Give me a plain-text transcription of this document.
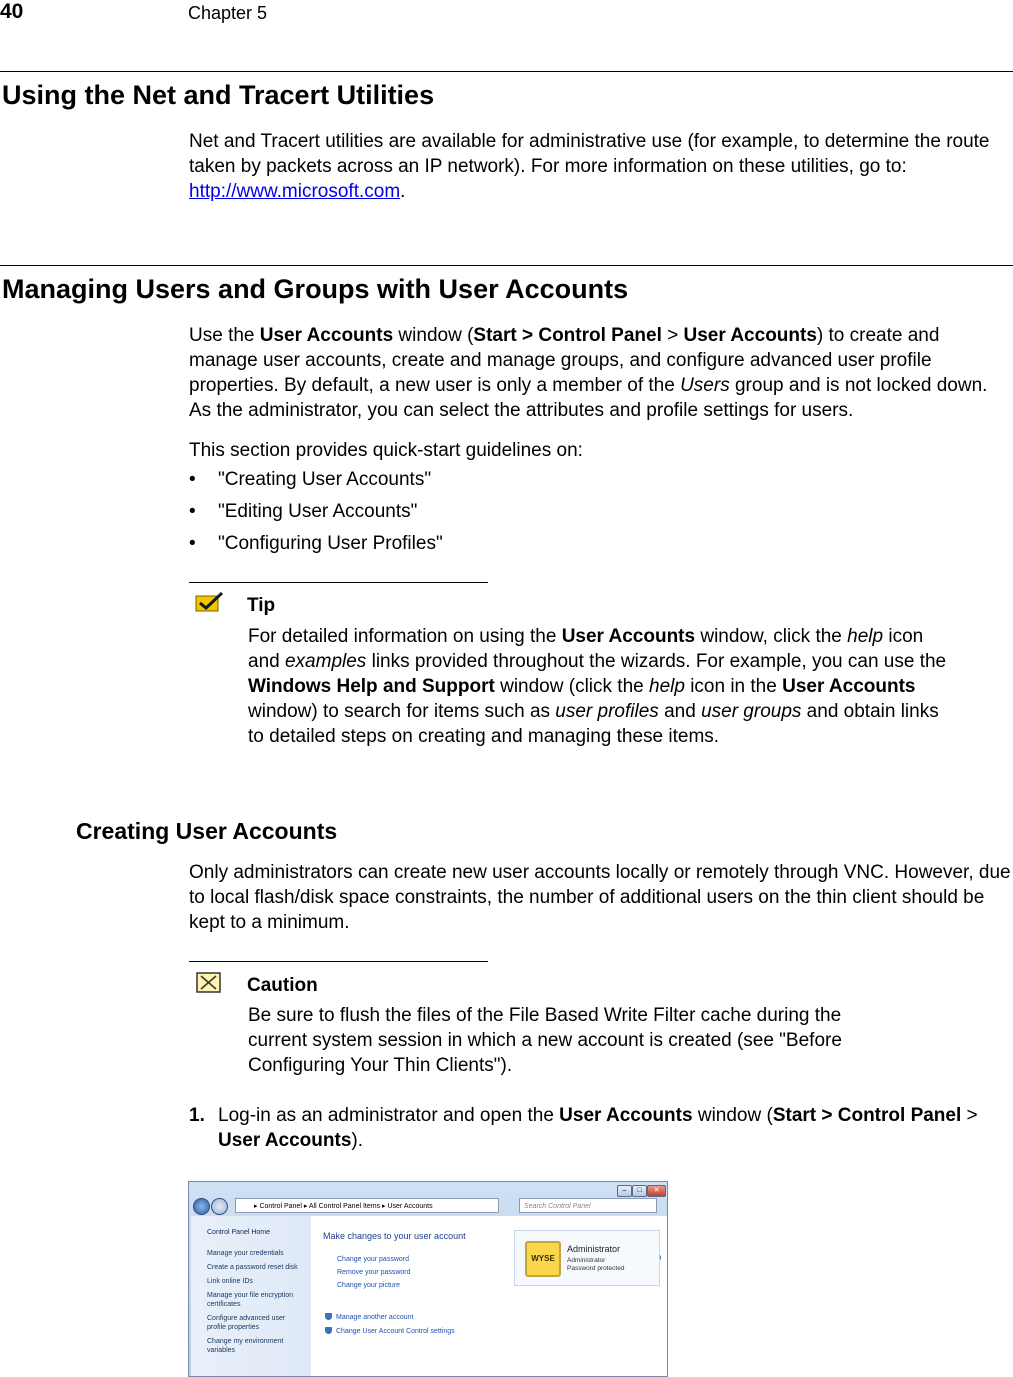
40	Chapter 5
Using the Net and Tracert Utilities

Net and Tracert utilities are available for administrative use (for example, to determine the route taken by packets across an IP network). For more information on these utilities, go to: http://www.microsoft.com.

Managing Users and Groups with User Accounts

Use the User Accounts window (Start > Control Panel > User Accounts) to create and manage user accounts, create and manage groups, and configure advanced user profile properties. By default, a new user is only a member of the Users group and is not locked down. As the administrator, you can select the attributes and profile settings for users.

This section provides quick-start guidelines on:
• "Creating User Accounts"
• "Editing User Accounts"
• "Configuring User Profiles"
Tip
For detailed information on using the User Accounts window, click the help icon and examples links provided throughout the wizards. For example, you can use the Windows Help and Support window (click the help icon in the User Accounts window) to search for items such as user profiles and user groups and obtain links to detailed steps on creating and managing these items.
Creating User Accounts
Only administrators can create new user accounts locally or remotely through VNC. However, due to local flash/disk space constraints, the number of additional users on the thin client should be kept to a minimum.
Caution
Be sure to flush the files of the File Based Write Filter cache during the current system session in which a new account is created (see "Before Configuring Your Thin Clients").
1. Log-in as an administrator and open the User Accounts window (Start > Control Panel > User Accounts).
–	□	✕
▸ Control Panel ▸ All Control Panel Items ▸ User Accounts	Search Control Panel
Control Panel Home
Manage your credentials
Create a password reset disk
Link online IDs
Manage your file encryption certificates
Configure advanced user profile properties
Change my environment variables
Make changes to your user account
Change your password
Remove your password
Change your picture
Manage another account
Change User Account Control settings
WYSE
Administrator
Administrator
Password protected
